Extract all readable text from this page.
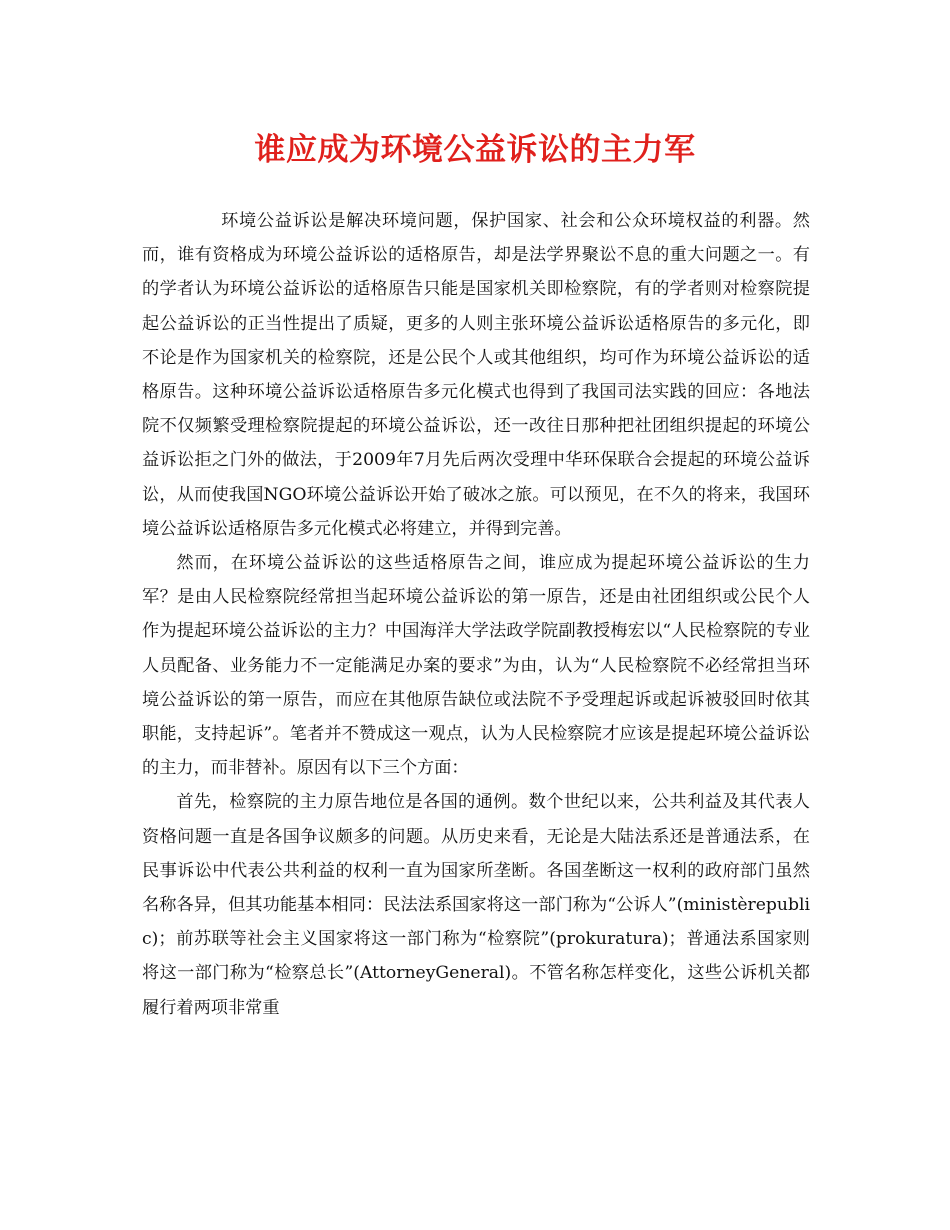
谁应成为环境公益诉讼的主力军

环境公益诉讼是解决环境问题，保护国家、社会和公众环境权益的利器。然而，谁有资格成为环境公益诉讼的适格原告，却是法学界聚讼不息的重大问题之一。有的学者认为环境公益诉讼的适格原告只能是国家机关即检察院，有的学者则对检察院提起公益诉讼的正当性提出了质疑，更多的人则主张环境公益诉讼适格原告的多元化，即不论是作为国家机关的检察院，还是公民个人或其他组织，均可作为环境公益诉讼的适格原告。这种环境公益诉讼适格原告多元化模式也得到了我国司法实践的回应：各地法院不仅频繁受理检察院提起的环境公益诉讼，还一改往日那种把社团组织提起的环境公益诉讼拒之门外的做法，于2009年7月先后两次受理中华环保联合会提起的环境公益诉讼，从而使我国NGO环境公益诉讼开始了破冰之旅。可以预见，在不久的将来，我国环境公益诉讼适格原告多元化模式必将建立，并得到完善。

然而，在环境公益诉讼的这些适格原告之间，谁应成为提起环境公益诉讼的生力军？是由人民检察院经常担当起环境公益诉讼的第一原告，还是由社团组织或公民个人作为提起环境公益诉讼的主力？中国海洋大学法政学院副教授梅宏以“人民检察院的专业人员配备、业务能力不一定能满足办案的要求”为由，认为“人民检察院不必经常担当环境公益诉讼的第一原告，而应在其他原告缺位或法院不予受理起诉或起诉被驳回时依其职能，支持起诉”。笔者并不赞成这一观点，认为人民检察院才应该是提起环境公益诉讼的主力，而非替补。原因有以下三个方面：

首先，检察院的主力原告地位是各国的通例。数个世纪以来，公共利益及其代表人资格问题一直是各国争议颇多的问题。从历史来看，无论是大陆法系还是普通法系，在民事诉讼中代表公共利益的权利一直为国家所垄断。各国垄断这一权利的政府部门虽然名称各异，但其功能基本相同：民法法系国家将这一部门称为“公诉人”(ministèrepublic)；前苏联等社会主义国家将这一部门称为“检察院”(prokuratura)；普通法系国家则将这一部门称为“检察总长”(AttorneyGeneral)。不管名称怎样变化，这些公诉机关都履行着两项非常重
